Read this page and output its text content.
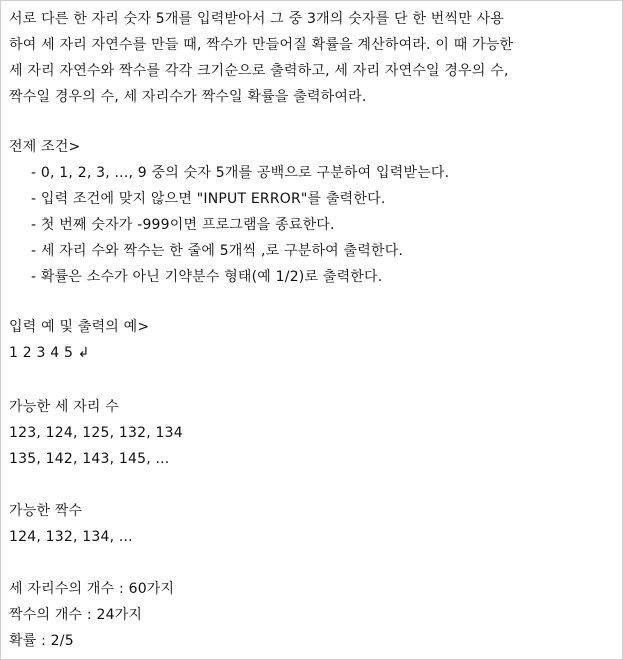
서로 다른 한 자리 숫자 5개를 입력받아서 그 중 3개의 숫자를 단 한 번씩만 사용
하여 세 자리 자연수를 만들 때, 짝수가 만들어질 확률을 계산하여라. 이 때 가능한
세 자리 자연수와 짝수를 각각 크기순으로 출력하고, 세 자리 자연수일 경우의 수,
짝수일 경우의 수, 세 자리수가 짝수일 확률을 출력하여라.
전제 조건>
- 0, 1, 2, 3, ..., 9 중의 숫자 5개를 공백으로 구분하여 입력받는다.
- 입력 조건에 맞지 않으면 "INPUT ERROR"를 출력한다.
- 첫 번째 숫자가 -999이면 프로그램을 종료한다.
- 세 자리 수와 짝수는 한 줄에 5개씩 ,로 구분하여 출력한다.
- 확률은 소수가 아닌 기약분수 형태(예 1/2)로 출력한다.
입력 예 및 출력의 예>
1 2 3 4 5 ↲
가능한 세 자리 수
123, 124, 125, 132, 134
135, 142, 143, 145, ...
가능한 짝수
124, 132, 134, ...
세 자리수의 개수 : 60가지
짝수의 개수 : 24가지
확률 : 2/5
